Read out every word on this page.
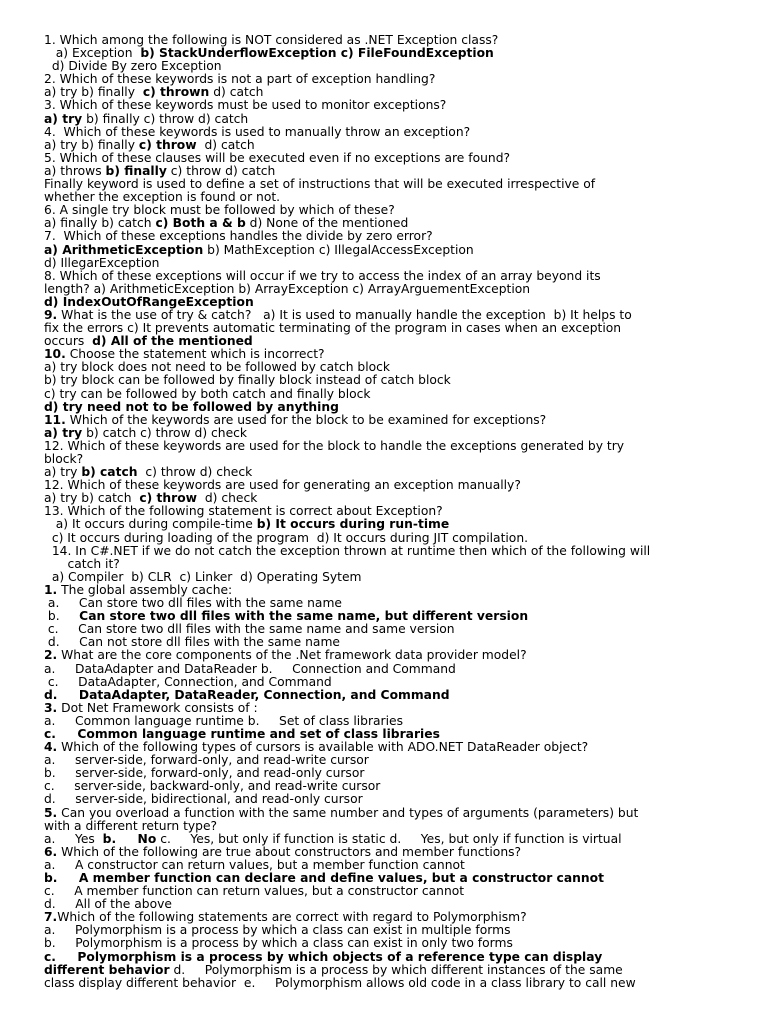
1. Which among the following is NOT considered as .NET Exception class?
a) Exception  b) StackUnderflowException c) FileFoundException
d) Divide By zero Exception
2. Which of these keywords is not a part of exception handling?
a) try b) finally  c) thrown d) catch
3. Which of these keywords must be used to monitor exceptions?
a) try b) finally c) throw d) catch
4.  Which of these keywords is used to manually throw an exception?
a) try b) finally c) throw  d) catch
5. Which of these clauses will be executed even if no exceptions are found?
a) throws b) finally c) throw d) catch
Finally keyword is used to define a set of instructions that will be executed irrespective of
whether the exception is found or not.
6. A single try block must be followed by which of these?
a) finally b) catch c) Both a & b d) None of the mentioned
7.  Which of these exceptions handles the divide by zero error?
a) ArithmeticException b) MathException c) IllegalAccessException
d) IllegarException
8. Which of these exceptions will occur if we try to access the index of an array beyond its
length? a) ArithmeticException b) ArrayException c) ArrayArguementException
d) IndexOutOfRangeException
9. What is the use of try & catch?   a) It is used to manually handle the exception  b) It helps to
fix the errors c) It prevents automatic terminating of the program in cases when an exception
occurs  d) All of the mentioned
10. Choose the statement which is incorrect?
a) try block does not need to be followed by catch block
b) try block can be followed by finally block instead of catch block
c) try can be followed by both catch and finally block
d) try need not to be followed by anything
11. Which of the keywords are used for the block to be examined for exceptions?
a) try b) catch c) throw d) check
12. Which of these keywords are used for the block to handle the exceptions generated by try
block?
a) try b) catch  c) throw d) check
12. Which of these keywords are used for generating an exception manually?
a) try b) catch  c) throw  d) check
13. Which of the following statement is correct about Exception?
a) It occurs during compile-time b) It occurs during run-time
c) It occurs during loading of the program  d) It occurs during JIT compilation.
14. In C#.NET if we do not catch the exception thrown at runtime then which of the following will
catch it?
a) Compiler  b) CLR  c) Linker  d) Operating Sytem
1. The global assembly cache:
a.     Can store two dll files with the same name
b.     Can store two dll files with the same name, but different version
c.     Can store two dll files with the same name and same version
d.     Can not store dll files with the same name
2. What are the core components of the .Net framework data provider model?
a.     DataAdapter and DataReader b.     Connection and Command
c.     DataAdapter, Connection, and Command
d.     DataAdapter, DataReader, Connection, and Command
3. Dot Net Framework consists of :
a.     Common language runtime b.     Set of class libraries
c.     Common language runtime and set of class libraries
4. Which of the following types of cursors is available with ADO.NET DataReader object?
a.     server-side, forward-only, and read-write cursor
b.     server-side, forward-only, and read-only cursor
c.     server-side, backward-only, and read-write cursor
d.     server-side, bidirectional, and read-only cursor
5. Can you overload a function with the same number and types of arguments (parameters) but
with a different return type?
a.     Yes  b.     No c.     Yes, but only if function is static d.     Yes, but only if function is virtual
6. Which of the following are true about constructors and member functions?
a.     A constructor can return values, but a member function cannot
b.     A member function can declare and define values, but a constructor cannot
c.     A member function can return values, but a constructor cannot
d.     All of the above
7.Which of the following statements are correct with regard to Polymorphism?
a.     Polymorphism is a process by which a class can exist in multiple forms
b.     Polymorphism is a process by which a class can exist in only two forms
c.     Polymorphism is a process by which objects of a reference type can display
different behavior d.     Polymorphism is a process by which different instances of the same
class display different behavior  e.     Polymorphism allows old code in a class library to call new
